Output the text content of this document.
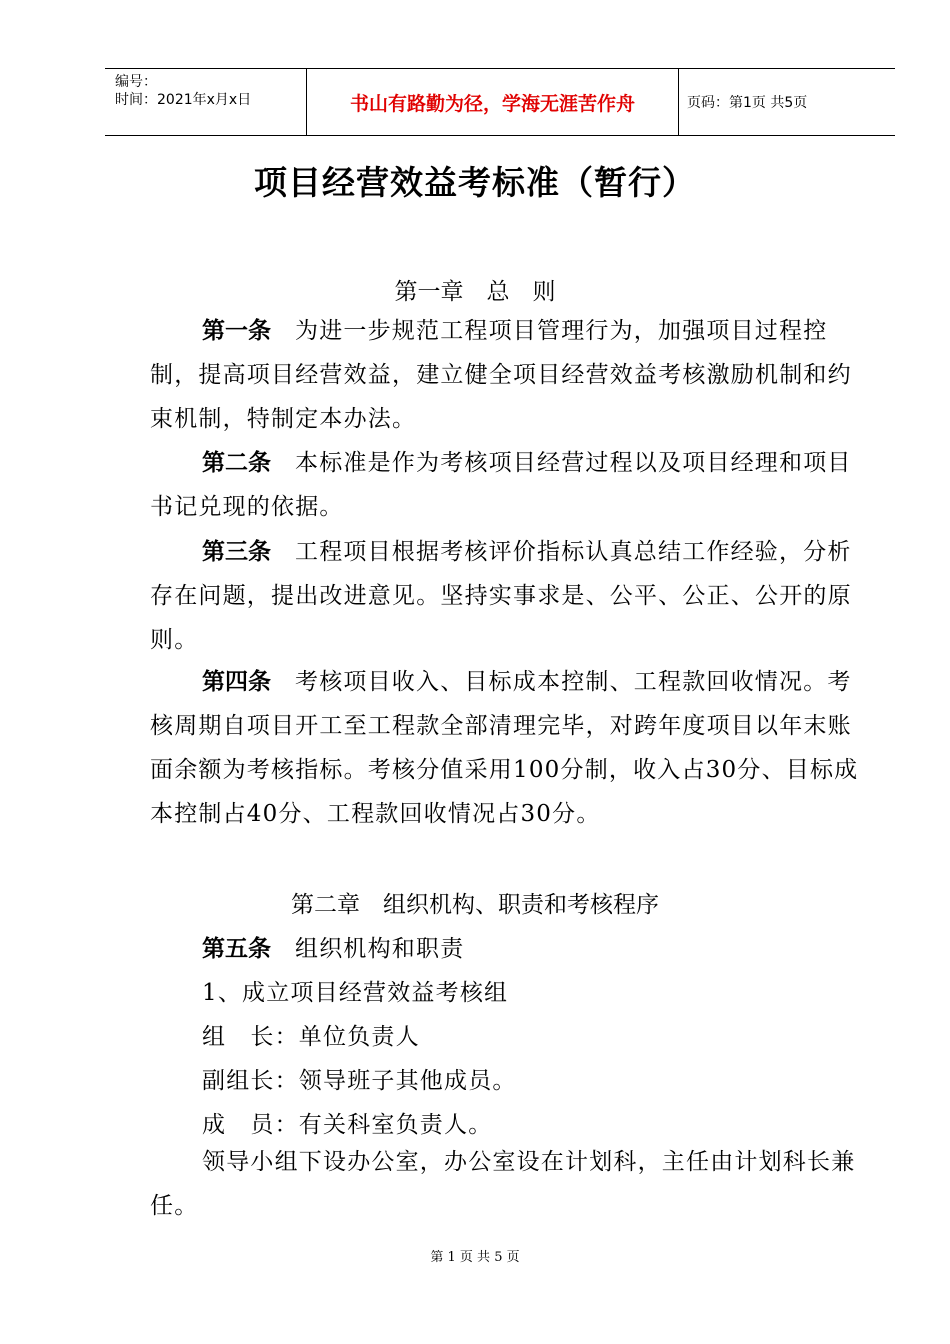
编号：
时间：2021年x月x日	书山有路勤为径，学海无涯苦作舟	页码：第1页 共5页
项目经营效益考标准（暂行）
第一章　总　则
第一条 为进一步规范工程项目管理行为，加强项目过程控制，提高项目经营效益，建立健全项目经营效益考核激励机制和约束机制，特制定本办法。
第二条 本标准是作为考核项目经营过程以及项目经理和项目书记兑现的依据。
第三条 工程项目根据考核评价指标认真总结工作经验，分析存在问题，提出改进意见。坚持实事求是、公平、公正、公开的原则。
第四条 考核项目收入、目标成本控制、工程款回收情况。考核周期自项目开工至工程款全部清理完毕，对跨年度项目以年末账面余额为考核指标。考核分值采用100分制，收入占30分、目标成本控制占40分、工程款回收情况占30分。
第二章　组织机构、职责和考核程序
第五条 组织机构和职责
1、成立项目经营效益考核组
组　长：单位负责人
副组长：领导班子其他成员。
成　员：有关科室负责人。
领导小组下设办公室，办公室设在计划科，主任由计划科长兼任。
第 1 页 共 5 页
